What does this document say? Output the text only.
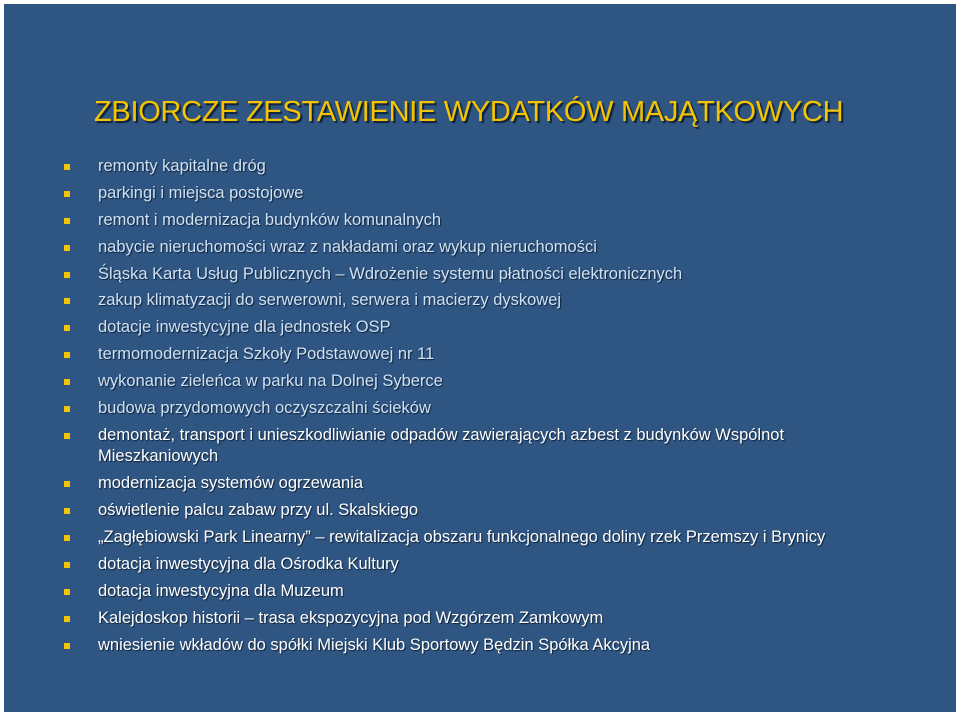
ZBIORCZE ZESTAWIENIE WYDATKÓW MAJĄTKOWYCH
remonty kapitalne dróg
parkingi i miejsca postojowe
remont i modernizacja budynków komunalnych
nabycie nieruchomości wraz z nakładami oraz wykup nieruchomości
Śląska Karta Usług Publicznych – Wdrożenie systemu płatności elektronicznych
zakup klimatyzacji do serwerowni, serwera i macierzy dyskowej
dotacje inwestycyjne dla jednostek OSP
termomodernizacja Szkoły Podstawowej nr 11
wykonanie zieleńca w parku na Dolnej Syberce
budowa przydomowych oczyszczalni ścieków
demontaż, transport i unieszkodliwianie odpadów zawierających azbest z budynków Wspólnot Mieszkaniowych
modernizacja systemów ogrzewania
oświetlenie palcu zabaw przy ul. Skalskiego
„Zagłębiowski Park Linearny” – rewitalizacja obszaru funkcjonalnego doliny rzek Przemszy i Brynicy
dotacja inwestycyjna dla Ośrodka Kultury
dotacja inwestycyjna dla Muzeum
Kalejdoskop historii – trasa ekspozycyjna pod Wzgórzem Zamkowym
wniesienie wkładów do spółki Miejski Klub Sportowy Będzin Spółka Akcyjna
